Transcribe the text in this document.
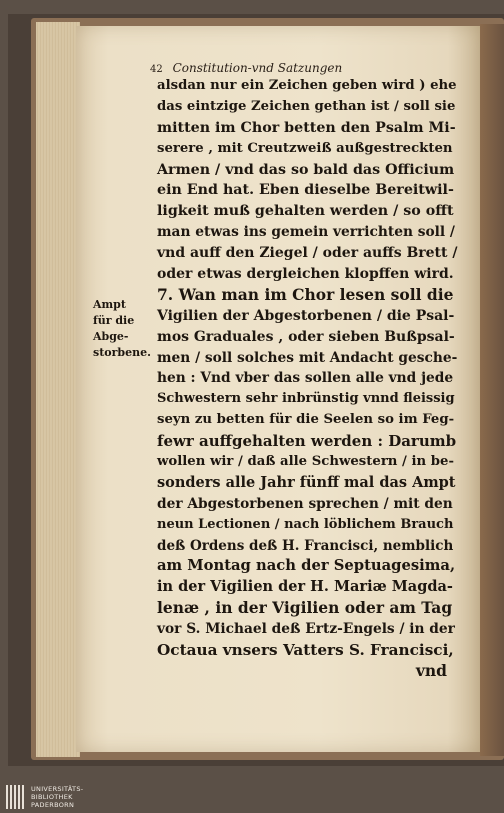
42 Constitution-vnd Satzungen
alsdan nur ein Zeichen geben wird ) ehe
das eintzige Zeichen gethan ist / soll sie
mitten im Chor betten den Psalm Mi-
serere , mit Creutzweiß außgestreckten
Armen / vnd das so bald das Officium
ein End hat. Eben dieselbe Bereitwil-
ligkeit muß gehalten werden / so offt
man etwas ins gemein verrichten soll /
vnd auff den Ziegel / oder auffs Brett /
oder etwas dergleichen klopffen wird.
7. Wan man im Chor lesen soll die
Vigilien der Abgestorbenen / die Psal-
mos Graduales , oder sieben Bußpsal-
men / soll solches mit Andacht gesche-
hen : Vnd vber das sollen alle vnd jede
Schwestern sehr inbrünstig vnnd fleissig
seyn zu betten für die Seelen so im Feg-
fewr auffgehalten werden : Darumb
wollen wir / daß alle Schwestern / in be-
sonders alle Jahr fünff mal das Ampt
der Abgestorbenen sprechen / mit den
neun Lectionen / nach löblichem Brauch
deß Ordens deß H. Francisci, nemblich
am Montag nach der Septuagesima,
in der Vigilien der H. Mariæ Magda-
lenæ , in der Vigilien oder am Tag
vor S. Michael deß Ertz-Engels / in der
Octaua vnsers Vatters S. Francisci,
vnd
Ampt
für die
Abge-
storbene.
UNIVERSITÄTS-
BIBLIOTHEK
PADERBORN
